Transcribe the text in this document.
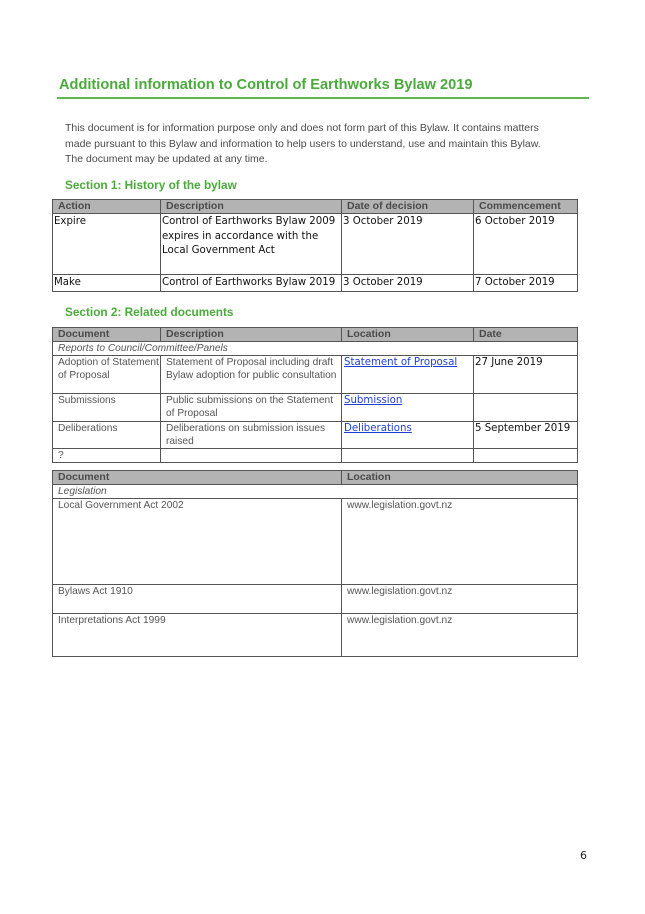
Additional information to Control of Earthworks Bylaw 2019
This document is for information purpose only and does not form part of this Bylaw. It contains matters
made pursuant to this Bylaw and information to help users to understand, use and maintain this Bylaw.
The document may be updated at any time.
Section 1: History of the bylaw
Action	Description	Date of decision	Commencement
Expire	Control of Earthworks Bylaw 2009 expires in accordance with the Local Government Act	3 October 2019	6 October 2019
Make	Control of Earthworks Bylaw 2019	3 October 2019	7 October 2019
Section 2: Related documents
Document	Description	Location	Date
Reports to Council/Committee/Panels			
Adoption of Statement of Proposal	Statement of Proposal including draft Bylaw adoption for public consultation	Statement of Proposal	27 June 2019
Submissions	Public submissions on the Statement of Proposal	Submission	
Deliberations	Deliberations on submission issues raised	Deliberations	5 September 2019
?			
Document	Location
Legislation	
Local Government Act 2002	www.legislation.govt.nz
Bylaws Act 1910	www.legislation.govt.nz
Interpretations Act 1999	www.legislation.govt.nz
6
